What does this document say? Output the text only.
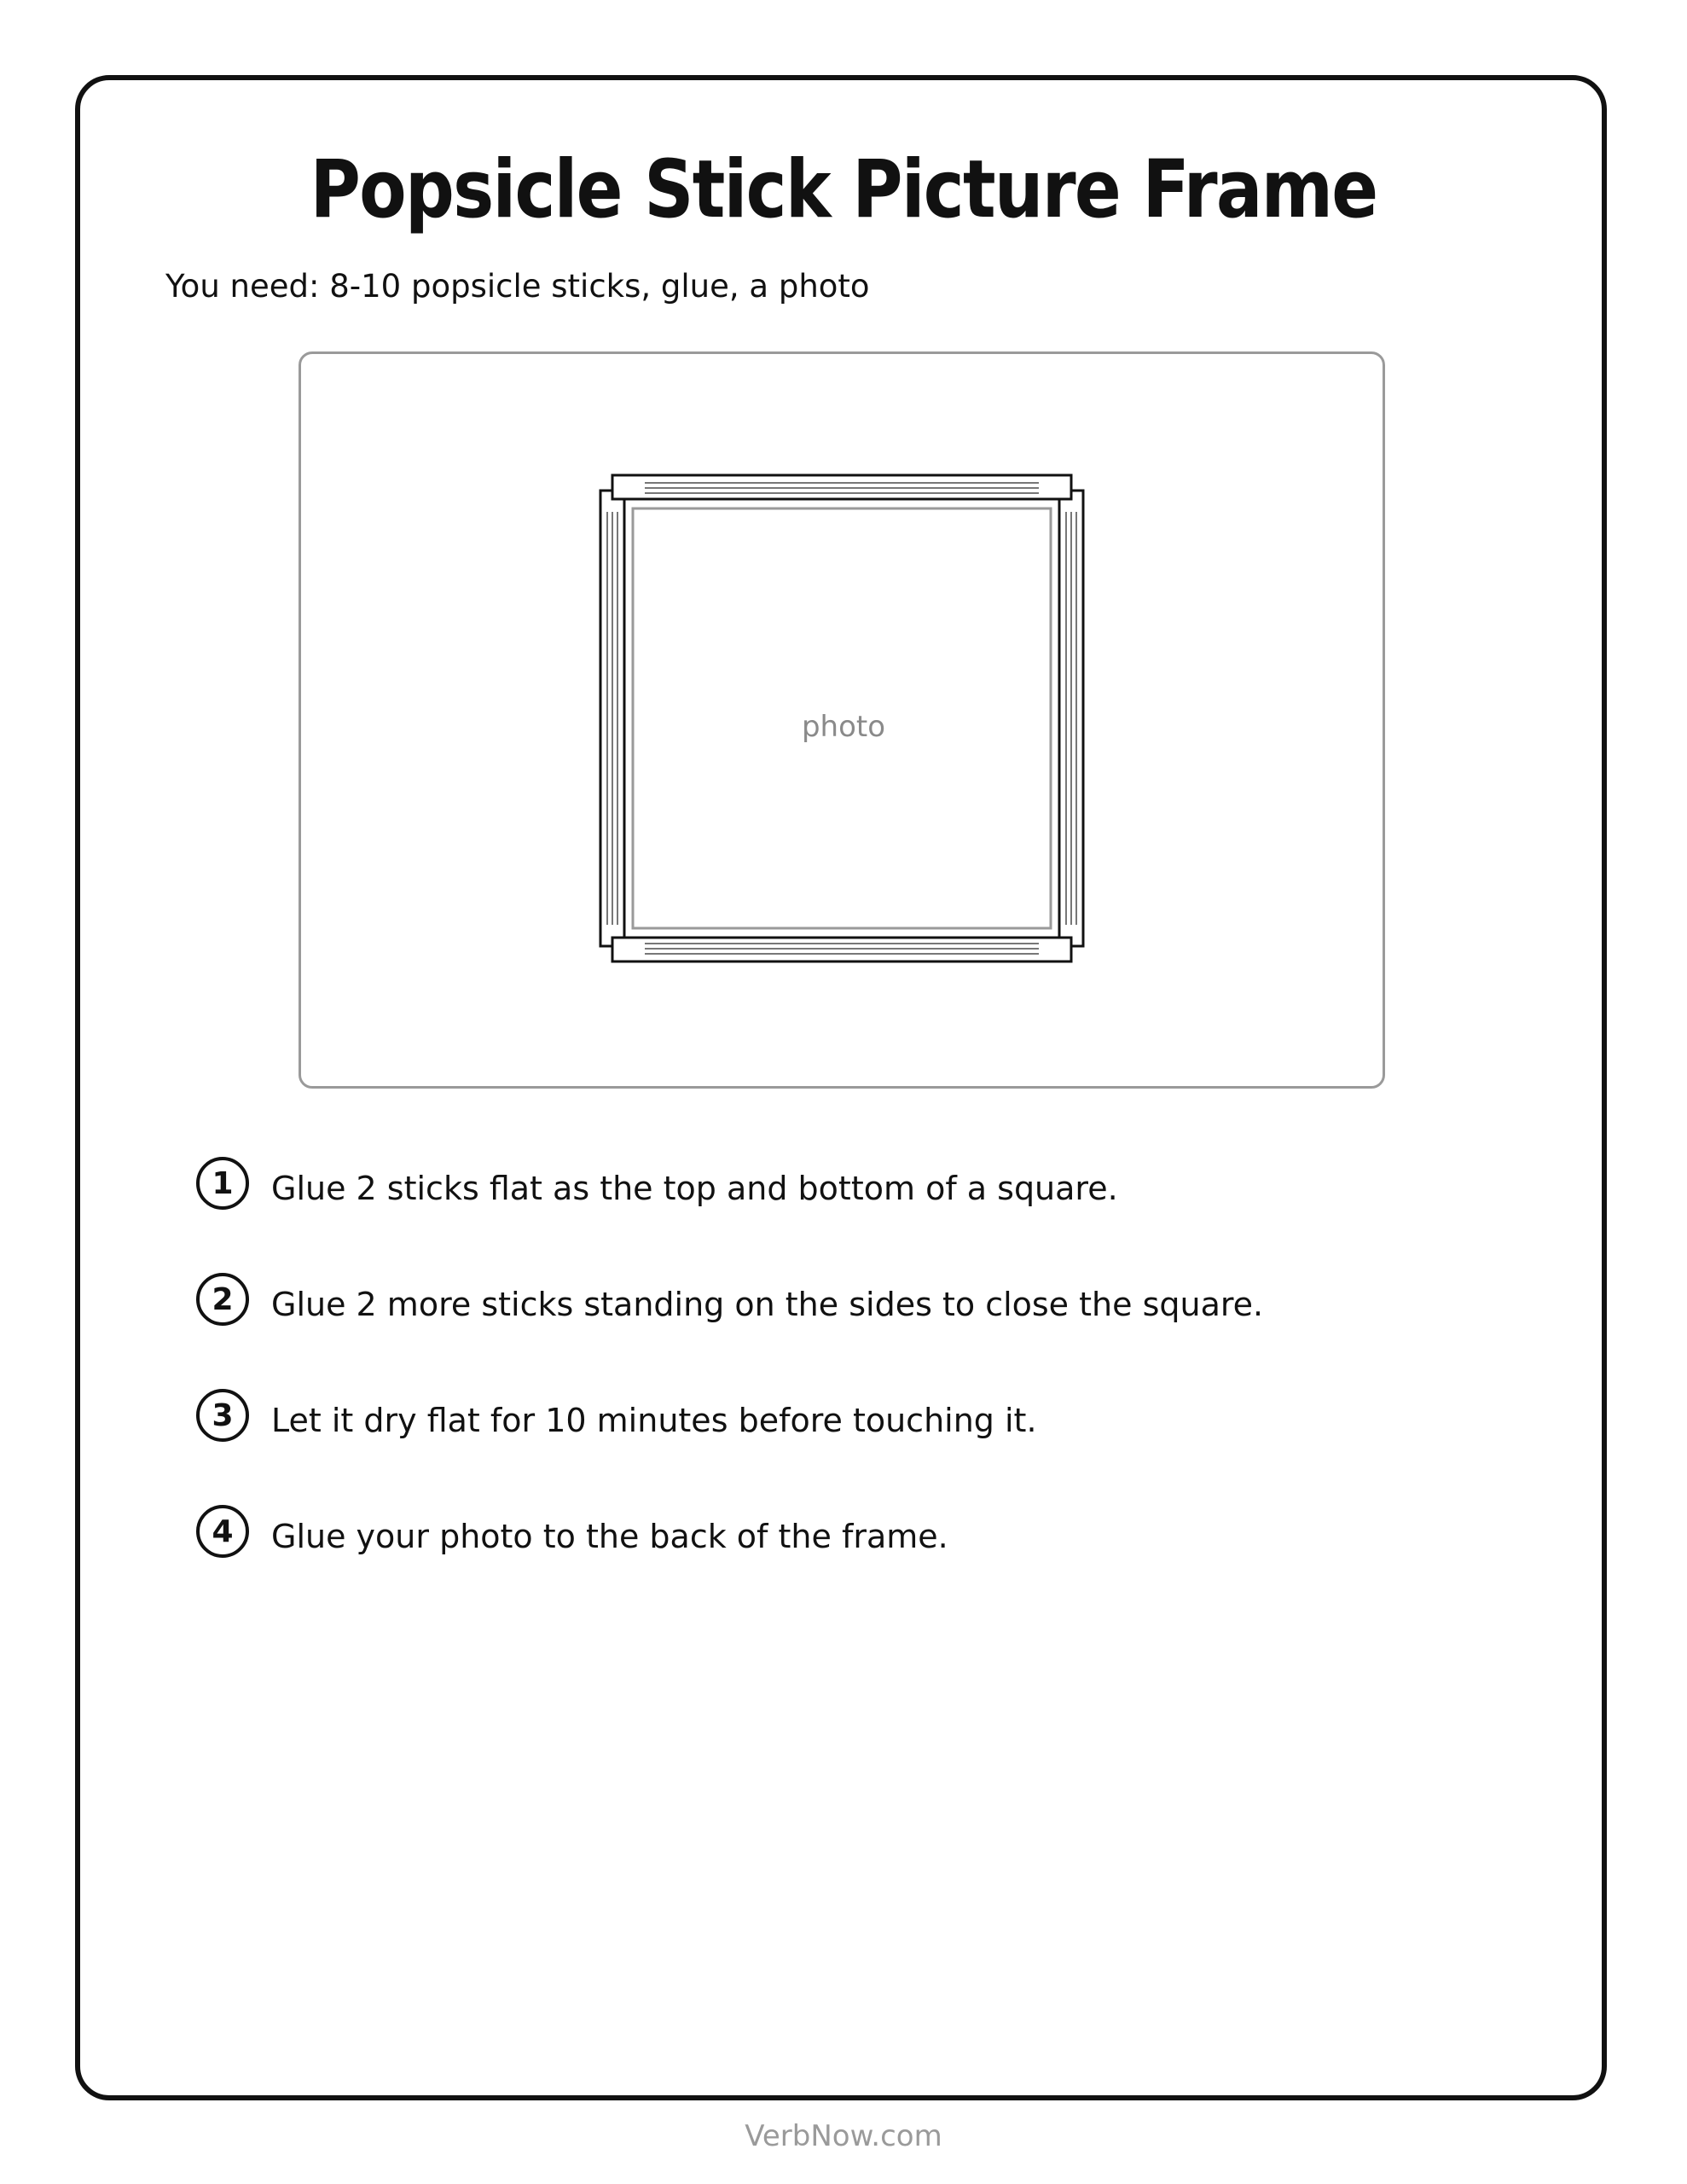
Popsicle Stick Picture Frame

You need: 8-10 popsicle sticks, glue, a photo

photo
1	Glue 2 sticks flat as the top and bottom of a square.
2	Glue 2 more sticks standing on the sides to close the square.
3	Let it dry flat for 10 minutes before touching it.
4	Glue your photo to the back of the frame.
VerbNow.com
